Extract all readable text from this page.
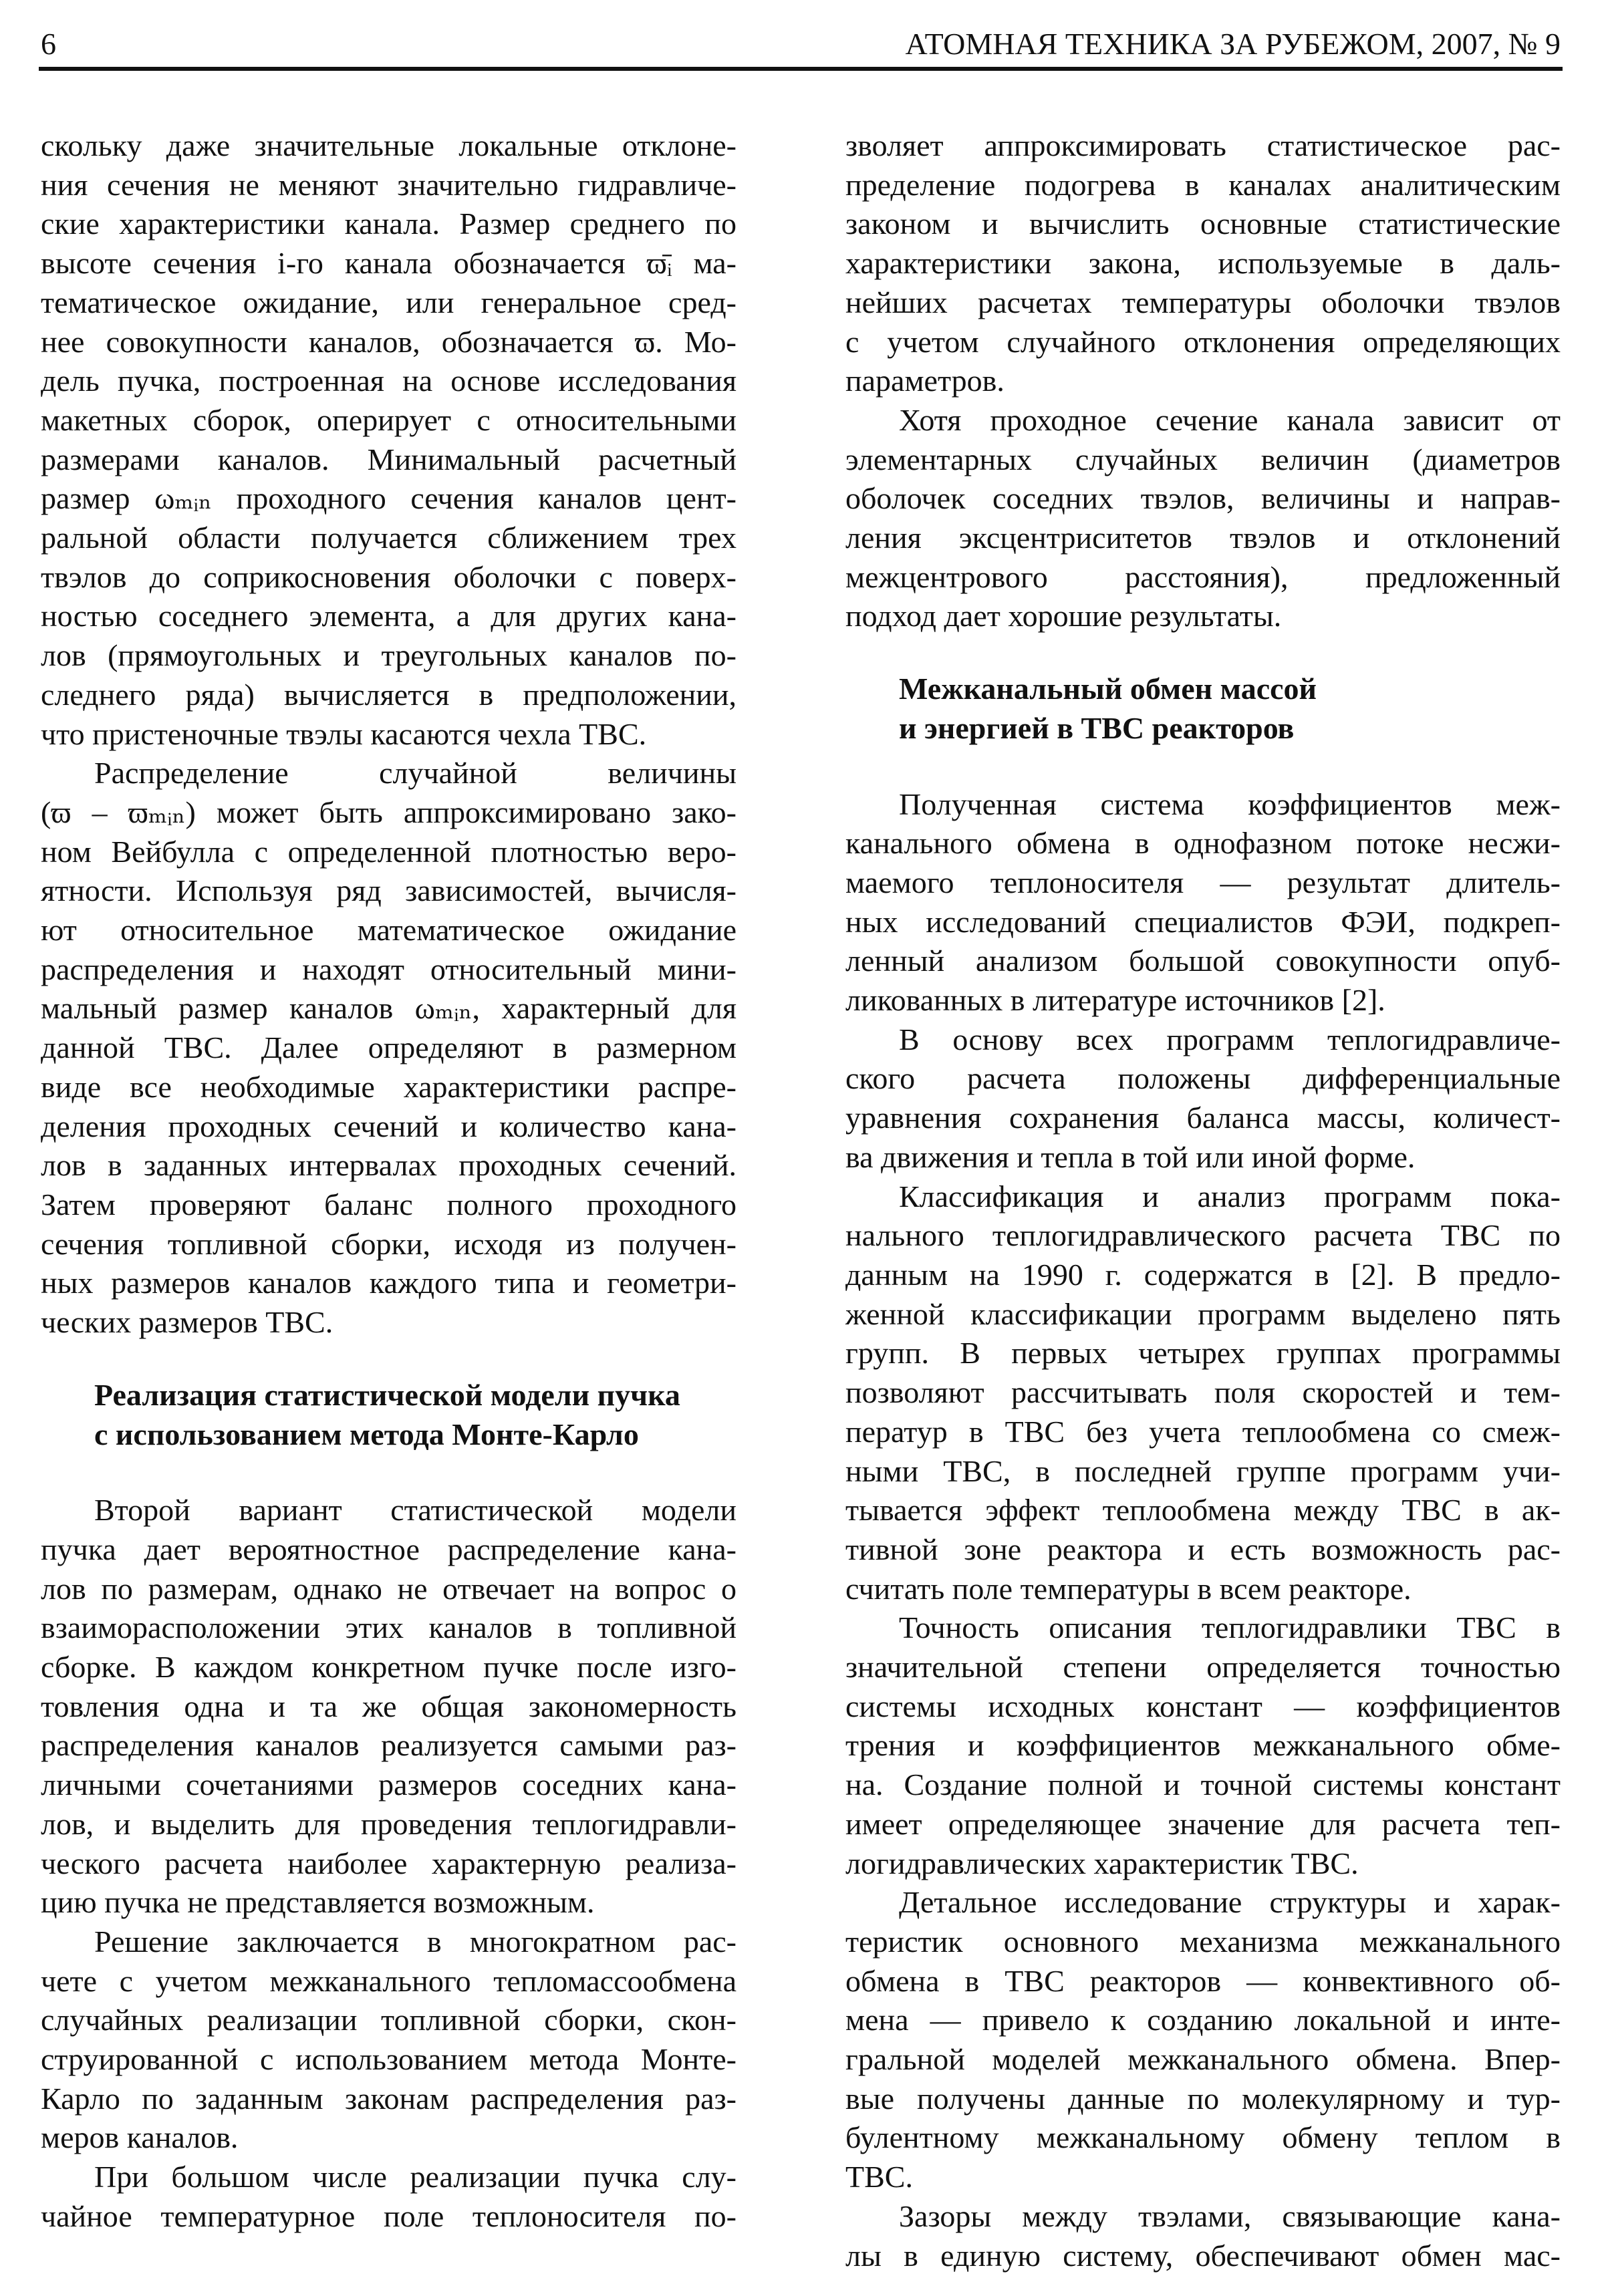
6	АТОМНАЯ ТЕХНИКА ЗА РУБЕЖОМ, 2007, № 9
скольку даже значительные локальные отклоне-
ния сечения не меняют значительно гидравличе-
ские характеристики канала. Размер среднего по
высоте сечения i-го канала обозначается ϖ̄ᵢ ма-
тематическое ожидание, или генеральное сред-
нее совокупности каналов, обозначается ϖ. Мо-
дель пучка, построенная на основе исследования
макетных сборок, оперирует с относительными
размерами каналов. Минимальный расчетный
размер ωₘᵢₙ проходного сечения каналов цент-
ральной области получается сближением трех
твэлов до соприкосновения оболочки с поверх-
ностью соседнего элемента, а для других кана-
лов (прямоугольных и треугольных каналов по-
следнего ряда) вычисляется в предположении,
что пристеночные твэлы касаются чехла ТВС.
Распределение случайной величины
(ϖ – ϖₘᵢₙ) может быть аппроксимировано зако-
ном Вейбулла с определенной плотностью веро-
ятности. Используя ряд зависимостей, вычисля-
ют относительное математическое ожидание
распределения и находят относительный мини-
мальный размер каналов ωₘᵢₙ, характерный для
данной ТВС. Далее определяют в размерном
виде все необходимые характеристики распре-
деления проходных сечений и количество кана-
лов в заданных интервалах проходных сечений.
Затем проверяют баланс полного проходного
сечения топливной сборки, исходя из получен-
ных размеров каналов каждого типа и геометри-
ческих размеров ТВС.
Реализация статистической модели пучка
с использованием метода Монте-Карло
Второй вариант статистической модели
пучка дает вероятностное распределение кана-
лов по размерам, однако не отвечает на вопрос о
взаиморасположении этих каналов в топливной
сборке. В каждом конкретном пучке после изго-
товления одна и та же общая закономерность
распределения каналов реализуется самыми раз-
личными сочетаниями размеров соседних кана-
лов, и выделить для проведения теплогидравли-
ческого расчета наиболее характерную реализа-
цию пучка не представляется возможным.
Решение заключается в многократном рас-
чете с учетом межканального тепломассообмена
случайных реализации топливной сборки, скон-
струированной с использованием метода Монте-
Карло по заданным законам распределения раз-
меров каналов.
При большом числе реализации пучка слу-
чайное температурное поле теплоносителя по-
зволяет аппроксимировать статистическое рас-
пределение подогрева в каналах аналитическим
законом и вычислить основные статистические
характеристики закона, используемые в даль-
нейших расчетах температуры оболочки твэлов
с учетом случайного отклонения определяющих
параметров.
Хотя проходное сечение канала зависит от
элементарных случайных величин (диаметров
оболочек соседних твэлов, величины и направ-
ления эксцентриситетов твэлов и отклонений
межцентрового расстояния), предложенный
подход дает хорошие результаты.
Межканальный обмен массой
и энергией в ТВС реакторов
Полученная система коэффициентов меж-
канального обмена в однофазном потоке несжи-
маемого теплоносителя — результат длитель-
ных исследований специалистов ФЭИ, подкреп-
ленный анализом большой совокупности опуб-
ликованных в литературе источников [2].
В основу всех программ теплогидравличе-
ского расчета положены дифференциальные
уравнения сохранения баланса массы, количест-
ва движения и тепла в той или иной форме.
Классификация и анализ программ пока-
нального теплогидравлического расчета ТВС по
данным на 1990 г. содержатся в [2]. В предло-
женной классификации программ выделено пять
групп. В первых четырех группах программы
позволяют рассчитывать поля скоростей и тем-
ператур в ТВС без учета теплообмена со смеж-
ными ТВС, в последней группе программ учи-
тывается эффект теплообмена между ТВС в ак-
тивной зоне реактора и есть возможность рас-
считать поле температуры в всем реакторе.
Точность описания теплогидравлики ТВС в
значительной степени определяется точностью
системы исходных констант — коэффициентов
трения и коэффициентов межканального обме-
на. Создание полной и точной системы констант
имеет определяющее значение для расчета теп-
логидравлических характеристик ТВС.
Детальное исследование структуры и харак-
теристик основного механизма межканального
обмена в ТВС реакторов — конвективного об-
мена — привело к созданию локальной и инте-
гральной моделей межканального обмена. Впер-
вые получены данные по молекулярному и тур-
булентному межканальному обмену теплом в
ТВС.
Зазоры между твэлами, связывающие кана-
лы в единую систему, обеспечивают обмен мас-
